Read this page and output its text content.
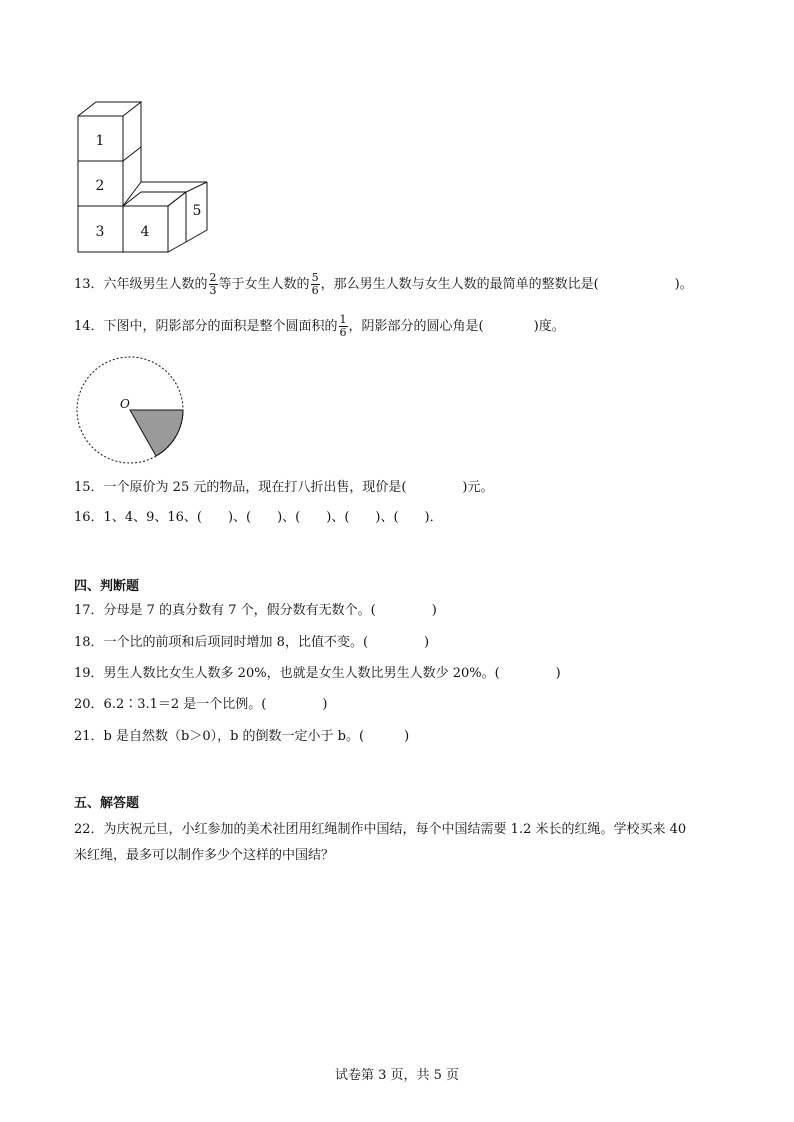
1
2
3	4
5
13．六年级男生人数的 $\frac{2}{3}$ 等于女生人数的 $\frac{5}{6}$ ，那么男生人数与女生人数的最简单的整数比是(	)。
14．下图中，阴影部分的面积是整个圆面积的 $\frac{1}{6}$ ，阴影部分的圆心角是(	)度。
O
15．一个原价为 25 元的物品，现在打八折出售，现价是(	)元。
16．1、4、9、16、(　　)、(　　)、(　　)、(　　)、(　　)．
四、判断题
17．分母是 7 的真分数有 7 个，假分数有无数个。(	)
18．一个比的前项和后项同时增加 8，比值不变。(	)
19．男生人数比女生人数多 20%，也就是女生人数比男生人数少 20%。(	)
20．6.2∶3.1＝2 是一个比例。(	)
21．b 是自然数（b＞0），b 的倒数一定小于 b。(	)
五、解答题
22．为庆祝元旦，小红参加的美术社团用红绳制作中国结，每个中国结需要 1.2 米长的红绳。学校买来 40
米红绳，最多可以制作多少个这样的中国结？
试卷第 3 页，共 5 页
